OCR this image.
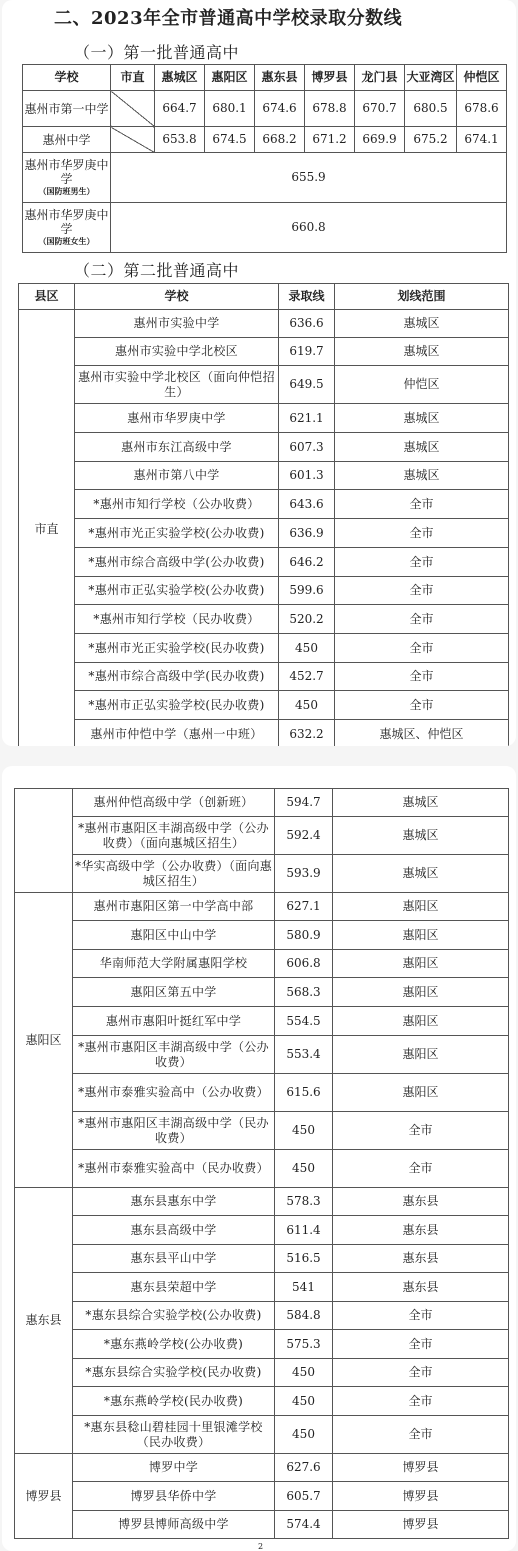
二、2023年全市普通高中学校录取分数线
（一）第一批普通高中
学校	市直	惠城区	惠阳区	惠东县	博罗县	龙门县	大亚湾区	仲恺区
惠州市第一中学		664.7	680.1	674.6	678.8	670.7	680.5	678.6
惠州中学		653.8	674.5	668.2	671.2	669.9	675.2	674.1
惠州市华罗庚中学
（国防班男生）	655.9							
惠州市华罗庚中学
（国防班女生）	660.8							
（二）第二批普通高中
县区	学校	录取线	划线范围
市直	惠州市实验中学	636.6	惠城区
	惠州市实验中学北校区	619.7	惠城区
	惠州市实验中学北校区（面向仲恺招生）	649.5	仲恺区
	惠州市华罗庚中学	621.1	惠城区
	惠州市东江高级中学	607.3	惠城区
	惠州市第八中学	601.3	惠城区
	*惠州市知行学校（公办收费）	643.6	全市
	*惠州市光正实验学校(公办收费)	636.9	全市
	*惠州市综合高级中学(公办收费)	646.2	全市
	*惠州市正弘实验学校(公办收费)	599.6	全市
	*惠州市知行学校（民办收费）	520.2	全市
	*惠州市光正实验学校(民办收费)	450	全市
	*惠州市综合高级中学(民办收费)	452.7	全市
	*惠州市正弘实验学校(民办收费)	450	全市
	惠州市仲恺中学（惠州一中班）	632.2	惠城区、仲恺区
	惠州仲恺高级中学（创新班）	594.7	惠城区
	*惠州市惠阳区丰湖高级中学（公办收费）（面向惠城区招生）	592.4	惠城区
	*华实高级中学（公办收费）（面向惠城区招生）	593.9	惠城区
惠阳区	惠州市惠阳区第一中学高中部	627.1	惠阳区
	惠阳区中山中学	580.9	惠阳区
	华南师范大学附属惠阳学校	606.8	惠阳区
	惠阳区第五中学	568.3	惠阳区
	惠州市惠阳叶挺红军中学	554.5	惠阳区
	*惠州市惠阳区丰湖高级中学（公办收费）	553.4	惠阳区
	*惠州市泰雅实验高中（公办收费）	615.6	惠阳区
	*惠州市惠阳区丰湖高级中学（民办收费）	450	全市
	*惠州市泰雅实验高中（民办收费）	450	全市
惠东县	惠东县惠东中学	578.3	惠东县
	惠东县高级中学	611.4	惠东县
	惠东县平山中学	516.5	惠东县
	惠东县荣超中学	541	惠东县
	*惠东县综合实验学校(公办收费)	584.8	全市
	*惠东燕岭学校(公办收费)	575.3	全市
	*惠东县综合实验学校(民办收费)	450	全市
	*惠东燕岭学校(民办收费)	450	全市
	*惠东县稔山碧桂园十里银滩学校（民办收费）	450	全市
博罗县	博罗中学	627.6	博罗县
	博罗县华侨中学	605.7	博罗县
	博罗县博师高级中学	574.4	博罗县
2
